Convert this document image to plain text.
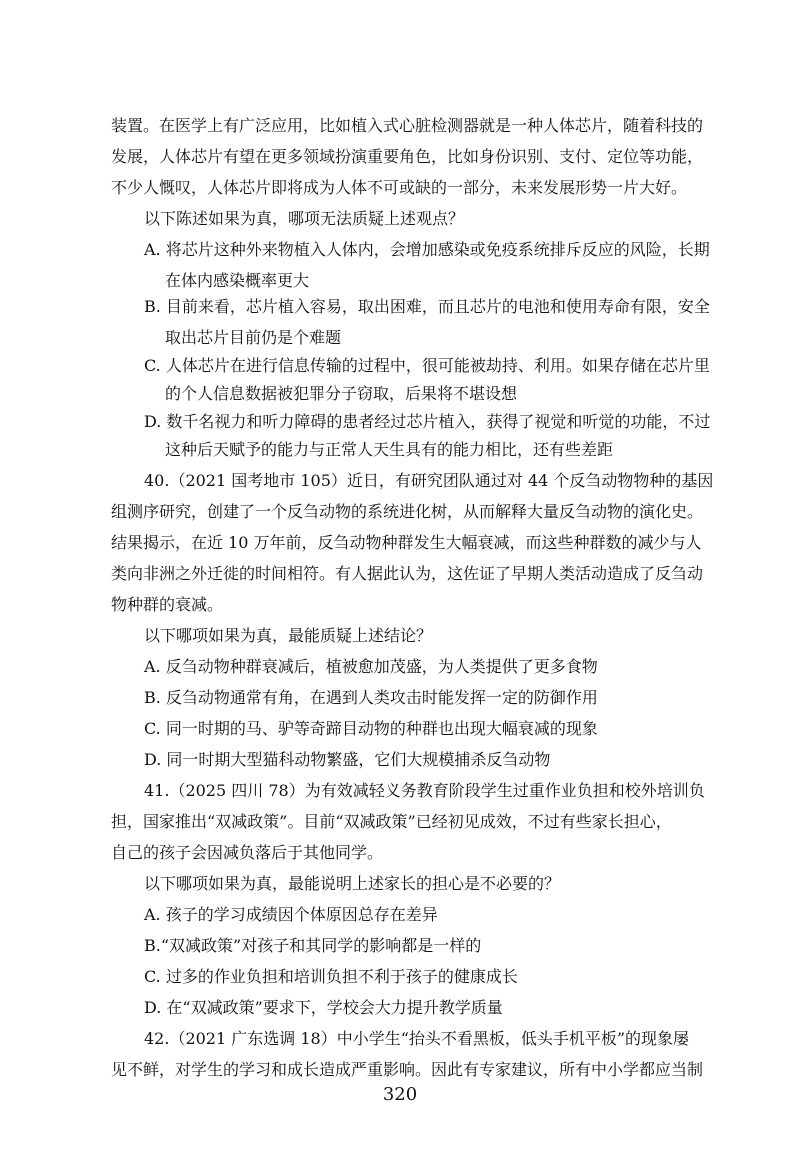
装置。在医学上有广泛应用，比如植入式心脏检测器就是一种人体芯片，随着科技的
发展，人体芯片有望在更多领域扮演重要角色，比如身份识别、支付、定位等功能，
不少人慨叹，人体芯片即将成为人体不可或缺的一部分，未来发展形势一片大好。
以下陈述如果为真，哪项无法质疑上述观点？
A. 将芯片这种外来物植入人体内，会增加感染或免疫系统排斥反应的风险，长期
在体内感染概率更大
B. 目前来看，芯片植入容易，取出困难，而且芯片的电池和使用寿命有限，安全
取出芯片目前仍是个难题
C. 人体芯片在进行信息传输的过程中，很可能被劫持、利用。如果存储在芯片里
的个人信息数据被犯罪分子窃取，后果将不堪设想
D. 数千名视力和听力障碍的患者经过芯片植入，获得了视觉和听觉的功能，不过
这种后天赋予的能力与正常人天生具有的能力相比，还有些差距
40.（2021 国考地市 105）近日，有研究团队通过对 44 个反刍动物物种的基因
组测序研究，创建了一个反刍动物的系统进化树，从而解释大量反刍动物的演化史。
结果揭示，在近 10 万年前，反刍动物种群发生大幅衰减，而这些种群数的减少与人
类向非洲之外迁徙的时间相符。有人据此认为，这佐证了早期人类活动造成了反刍动
物种群的衰减。
以下哪项如果为真，最能质疑上述结论？
A. 反刍动物种群衰减后，植被愈加茂盛，为人类提供了更多食物
B. 反刍动物通常有角，在遇到人类攻击时能发挥一定的防御作用
C. 同一时期的马、驴等奇蹄目动物的种群也出现大幅衰减的现象
D. 同一时期大型猫科动物繁盛，它们大规模捕杀反刍动物
41.（2025 四川 78）为有效减轻义务教育阶段学生过重作业负担和校外培训负
担，国家推出“双减政策”。目前“双减政策”已经初见成效，不过有些家长担心，
自己的孩子会因减负落后于其他同学。
以下哪项如果为真，最能说明上述家长的担心是不必要的？
A. 孩子的学习成绩因个体原因总存在差异
B.“双减政策”对孩子和其同学的影响都是一样的
C. 过多的作业负担和培训负担不利于孩子的健康成长
D. 在“双减政策”要求下，学校会大力提升教学质量
42.（2021 广东选调 18）中小学生“抬头不看黑板，低头手机平板”的现象屡
见不鲜，对学生的学习和成长造成严重影响。因此有专家建议，所有中小学都应当制
320
